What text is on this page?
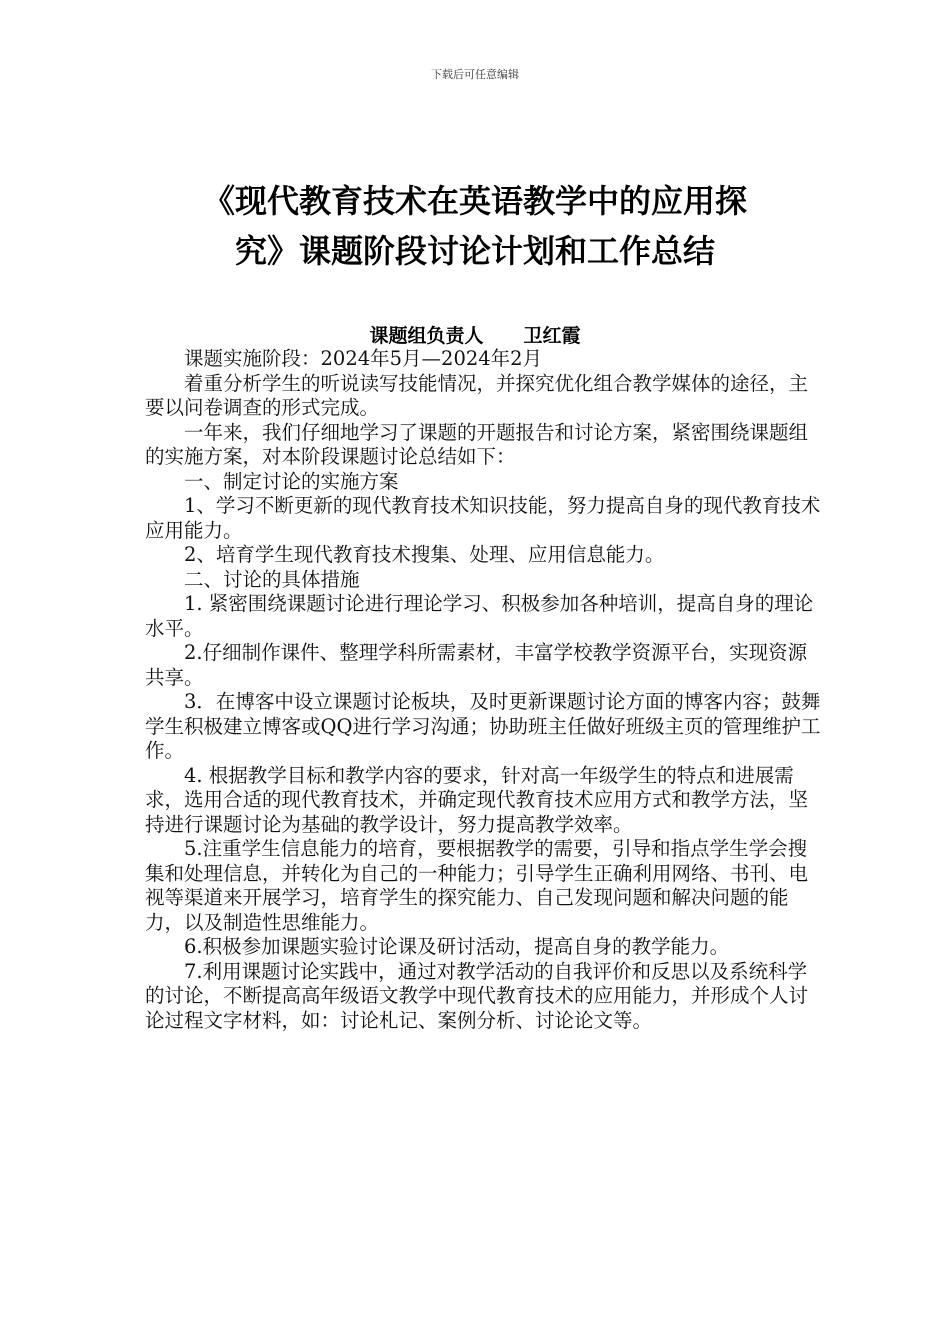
下载后可任意编辑
《现代教育技术在英语教学中的应用探
究》课题阶段讨论计划和工作总结
课题组负责人 卫红霞

课题实施阶段：2024年5月—2024年2月

着重分析学生的听说读写技能情况，并探究优化组合教学媒体的途径，主要以问卷调查的形式完成。

一年来，我们仔细地学习了课题的开题报告和讨论方案，紧密围绕课题组的实施方案，对本阶段课题讨论总结如下：

一、制定讨论的实施方案

1、学习不断更新的现代教育技术知识技能，努力提高自身的现代教育技术应用能力。

2、培育学生现代教育技术搜集、处理、应用信息能力。

二、讨论的具体措施

1. 紧密围绕课题讨论进行理论学习、积极参加各种培训，提高自身的理论水平。

2.仔细制作课件、整理学科所需素材，丰富学校教学资源平台，实现资源共享。

3．在博客中设立课题讨论板块，及时更新课题讨论方面的博客内容；鼓舞学生积极建立博客或QQ进行学习沟通；协助班主任做好班级主页的管理维护工作。

4. 根据教学目标和教学内容的要求，针对高一年级学生的特点和进展需求，选用合适的现代教育技术，并确定现代教育技术应用方式和教学方法，坚持进行课题讨论为基础的教学设计，努力提高教学效率。

5.注重学生信息能力的培育，要根据教学的需要，引导和指点学生学会搜集和处理信息，并转化为自己的一种能力；引导学生正确利用网络、书刊、电视等渠道来开展学习，培育学生的探究能力、自己发现问题和解决问题的能力，以及制造性思维能力。

6.积极参加课题实验讨论课及研讨活动，提高自身的教学能力。

7.利用课题讨论实践中，通过对教学活动的自我评价和反思以及系统科学的讨论，不断提高高年级语文教学中现代教育技术的应用能力，并形成个人讨论过程文字材料，如：讨论札记、案例分析、讨论论文等。
